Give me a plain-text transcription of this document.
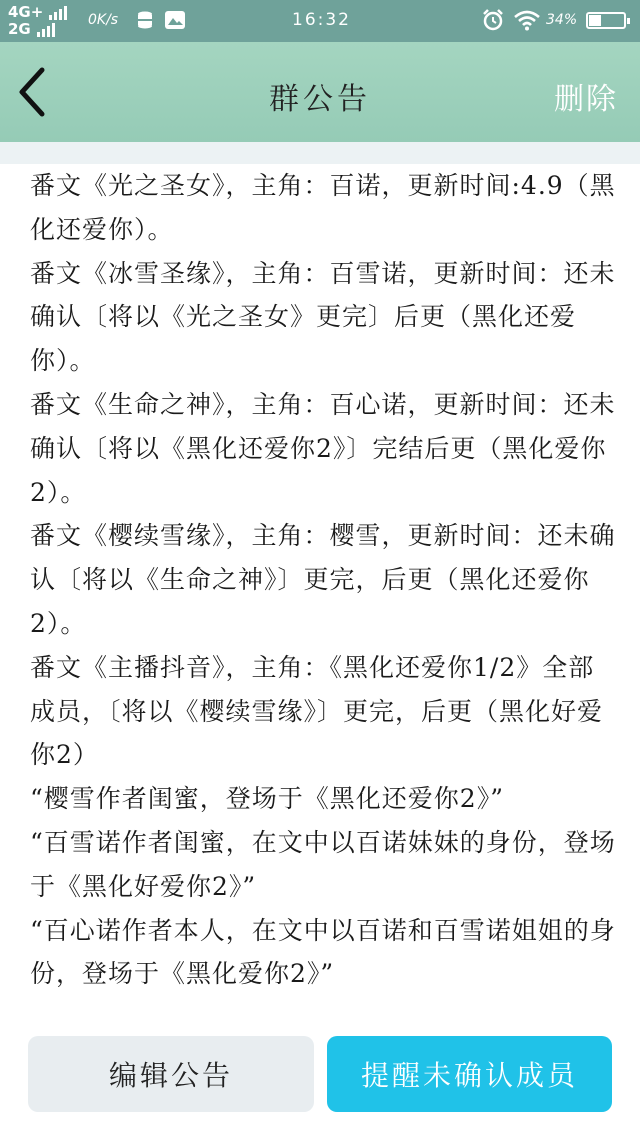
4G+
2G	0K/s	16:32	34%
群公告	删除

番文《光之圣女》，主角：百诺，更新时间:4.9（黑化还爱你）。

番文《冰雪圣缘》，主角：百雪诺，更新时间：还未确认〔将以《光之圣女》更完〕后更（黑化还爱你）。

番文《生命之神》，主角：百心诺，更新时间：还未确认〔将以《黑化还爱你2》〕完结后更（黑化爱你2）。

番文《樱续雪缘》，主角：樱雪，更新时间：还未确认〔将以《生命之神》〕更完，后更（黑化还爱你2）。

番文《主播抖音》，主角：《黑化还爱你1/2》全部成员，〔将以《樱续雪缘》〕更完，后更（黑化好爱你2）

“樱雪作者闺蜜，登场于《黑化还爱你2》”

“百雪诺作者闺蜜，在文中以百诺妹妹的身份，登场于《黑化好爱你2》”

“百心诺作者本人，在文中以百诺和百雪诺姐姐的身份，登场于《黑化爱你2》”

编辑公告	提醒未确认成员
